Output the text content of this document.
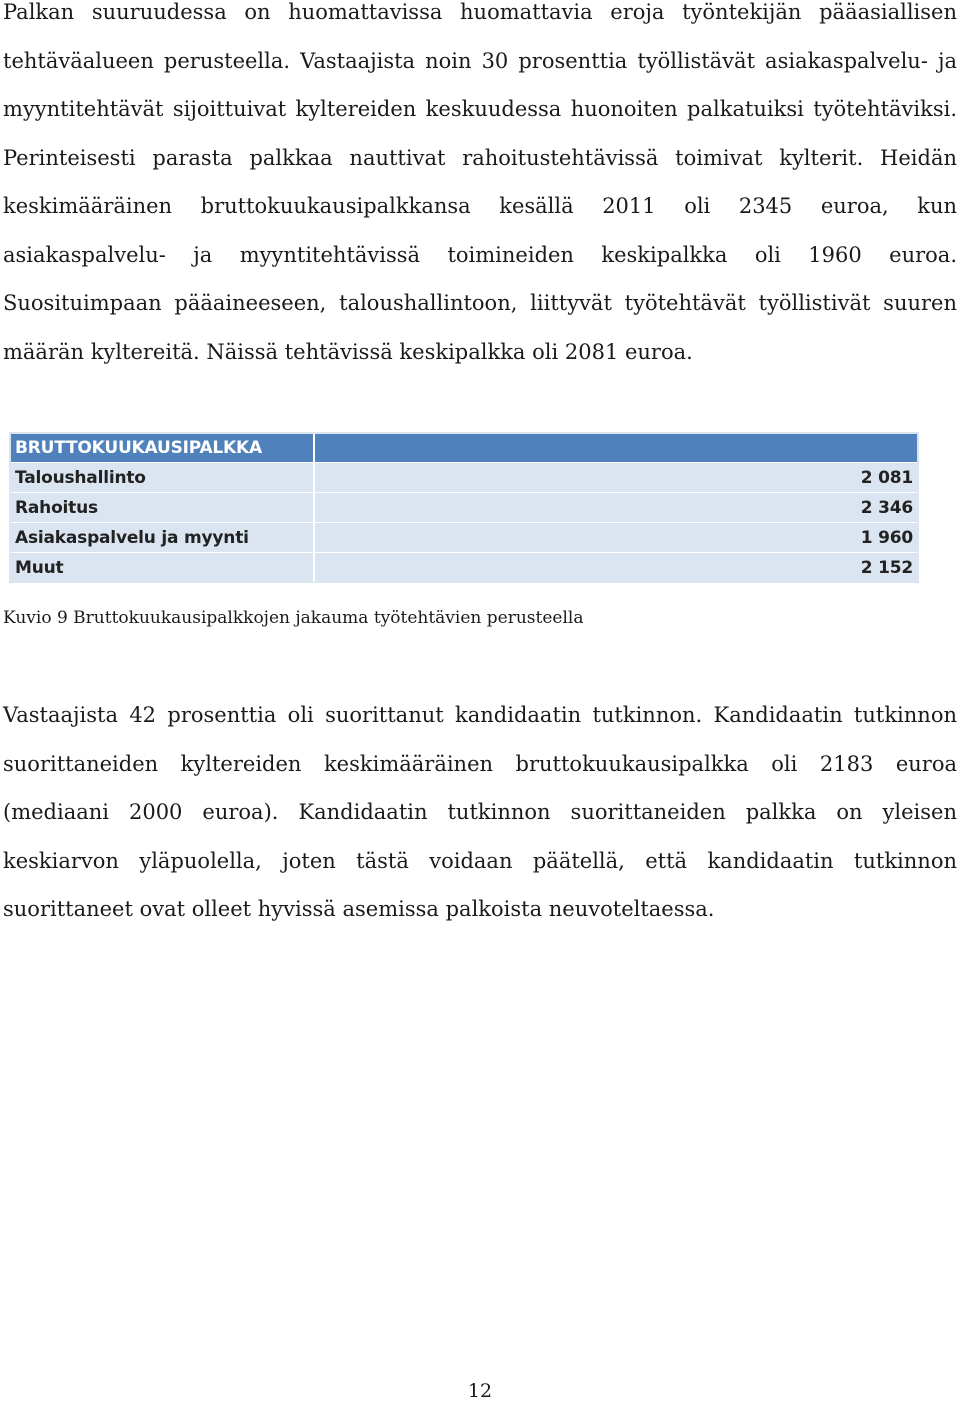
Palkan suuruudessa on huomattavissa huomattavia eroja työntekijän pääasiallisen tehtäväalueen perusteella. Vastaajista noin 30 prosenttia työllistävät asiakaspalvelu- ja myyntitehtävät sijoittuivat kyltereiden keskuudessa huonoiten palkatuiksi työtehtäviksi. Perinteisesti parasta palkkaa nauttivat rahoitustehtävissä toimivat kylterit. Heidän keskimääräinen bruttokuukausipalkkansa kesällä 2011 oli 2345 euroa, kun asiakaspalvelu- ja myyntitehtävissä toimineiden keskipalkka oli 1960 euroa. Suosituimpaan pääaineeseen, taloushallintoon, liittyvät työtehtävät työllistivät suuren määrän kyltereitä. Näissä tehtävissä keskipalkka oli 2081 euroa.

BRUTTOKUUKAUSIPALKKA
Taloushallinto	2 081
Rahoitus	2 346
Asiakaspalvelu ja myynti	1 960
Muut	2 152

Kuvio 9 Bruttokuukausipalkkojen jakauma työtehtävien perusteella

Vastaajista 42 prosenttia oli suorittanut kandidaatin tutkinnon. Kandidaatin tutkinnon suorittaneiden kyltereiden keskimääräinen bruttokuukausipalkka oli 2183 euroa (mediaani 2000 euroa). Kandidaatin tutkinnon suorittaneiden palkka on yleisen keskiarvon yläpuolella, joten tästä voidaan päätellä, että kandidaatin tutkinnon suorittaneet ovat olleet hyvissä asemissa palkoista neuvoteltaessa.

12
